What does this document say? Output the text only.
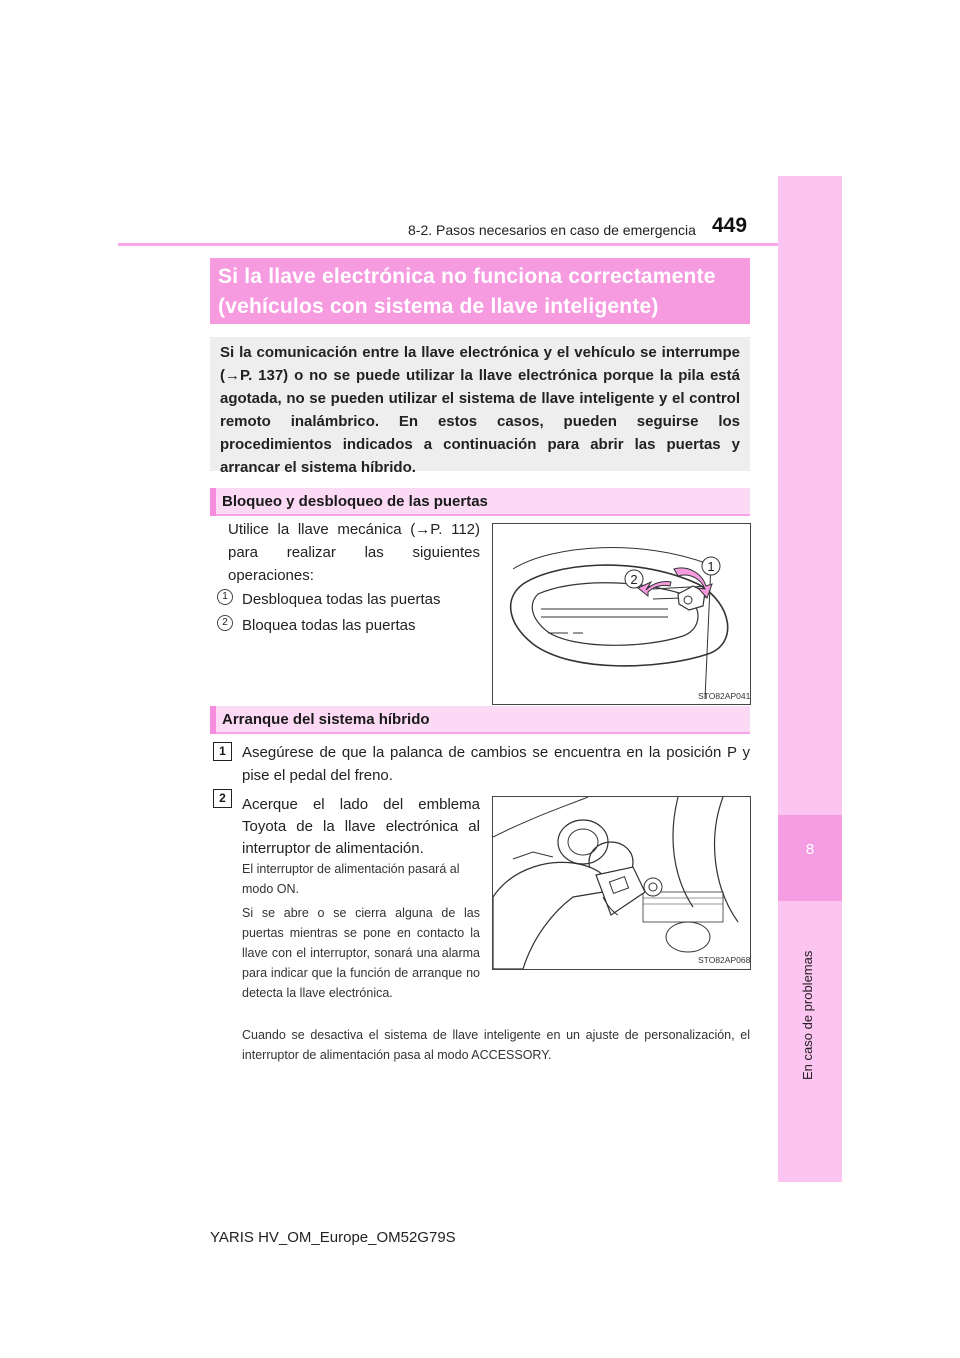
8
8-2. Pasos necesarios en caso de emergencia 449
Si la llave electrónica no funciona correctamente
(vehículos con sistema de llave inteligente)
Si la comunicación entre la llave electrónica y el vehículo se interrumpe (→P. 137) o no se puede utilizar la llave electrónica porque la pila está agotada, no se pueden utilizar el sistema de llave inteligente y el control remoto inalámbrico. En estos casos, pueden seguirse los procedimientos indicados a continuación para abrir las puertas y arrancar el sistema híbrido.
Bloqueo y desbloqueo de las puertas
Utilice la llave mecánica (→P. 112) para realizar las siguientes operaciones:
1 Desbloquea todas las puertas
2 Bloquea todas las puertas
1
2
STO82AP041
Arranque del sistema híbrido
1	Asegúrese de que la palanca de cambios se encuentra en la posición P y pise el pedal del freno.
2	Acerque el lado del emblema Toyota de la llave electrónica al interruptor de alimentación.
El interruptor de alimentación pasará al modo ON.
Si se abre o se cierra alguna de las puertas mientras se pone en contacto la llave con el interruptor, sonará una alarma para indicar que la función de arranque no detecta la llave electrónica.
Cuando se desactiva el sistema de llave inteligente en un ajuste de personalización, el interruptor de alimentación pasa al modo ACCESSORY.
STO82AP068
YARIS HV_OM_Europe_OM52G79S
